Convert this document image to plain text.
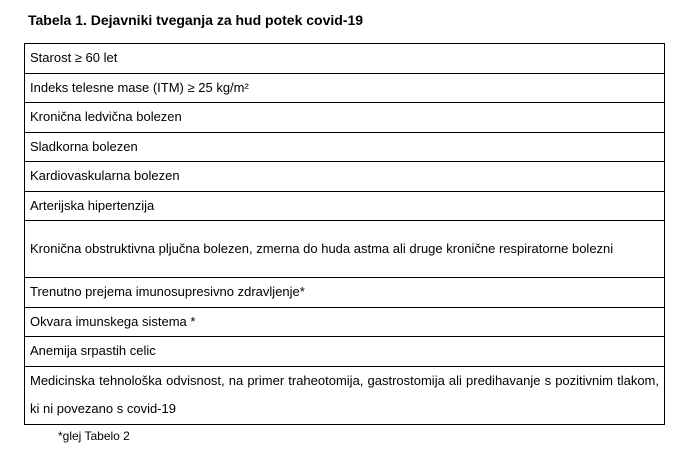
Tabela 1. Dejavniki tveganja za hud potek covid-19
Starost ≥ 60 let
Indeks telesne mase (ITM) ≥ 25 kg/m²
Kronična ledvična bolezen
Sladkorna bolezen
Kardiovaskularna bolezen
Arterijska hipertenzija
Kronična obstruktivna pljučna bolezen, zmerna do huda astma ali druge kronične respiratorne bolezni
Trenutno prejema imunosupresivno zdravljenje*
Okvara imunskega sistema *
Anemija srpastih celic
Medicinska tehnološka odvisnost, na primer traheotomija, gastrostomija ali predihavanje s pozitivnim tlakom, ki ni povezano s covid-19
*glej Tabelo 2
